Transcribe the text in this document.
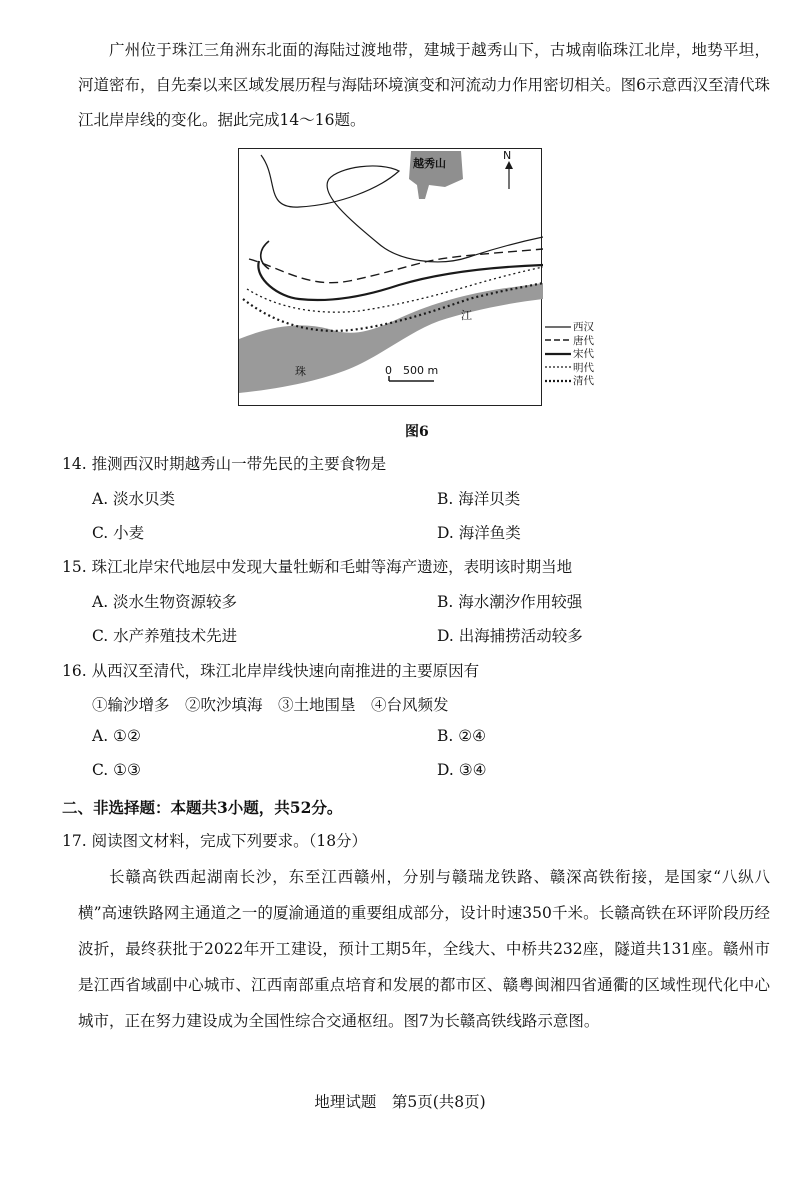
广州位于珠江三角洲东北面的海陆过渡地带，建城于越秀山下，古城南临珠江北岸，地势平坦，河道密布，自先秦以来区域发展历程与海陆环境演变和河流动力作用密切相关。图6示意西汉至清代珠江北岸岸线的变化。据此完成14～16题。
越秀山
N
江
珠	0 500 m
西汉
唐代
宋代
明代
清代
图6
14. 推测西汉时期越秀山一带先民的主要食物是
A. 淡水贝类	B. 海洋贝类
C. 小麦	D. 海洋鱼类
15. 珠江北岸宋代地层中发现大量牡蛎和毛蚶等海产遗迹，表明该时期当地
A. 淡水生物资源较多	B. 海水潮汐作用较强
C. 水产养殖技术先进	D. 出海捕捞活动较多
16. 从西汉至清代，珠江北岸岸线快速向南推进的主要原因有
①输沙增多　②吹沙填海　③土地围垦　④台风频发
A. ①②	B. ②④
C. ①③	D. ③④
二、非选择题：本题共3小题，共52分。
17. 阅读图文材料，完成下列要求。（18分）
长赣高铁西起湖南长沙，东至江西赣州，分别与赣瑞龙铁路、赣深高铁衔接，是国家“八纵八横”高速铁路网主通道之一的厦渝通道的重要组成部分，设计时速350千米。长赣高铁在环评阶段历经波折，最终获批于2022年开工建设，预计工期5年，全线大、中桥共232座，隧道共131座。赣州市是江西省域副中心城市、江西南部重点培育和发展的都市区、赣粤闽湘四省通衢的区域性现代化中心城市，正在努力建设成为全国性综合交通枢纽。图7为长赣高铁线路示意图。
地理试题　第5页(共8页)
